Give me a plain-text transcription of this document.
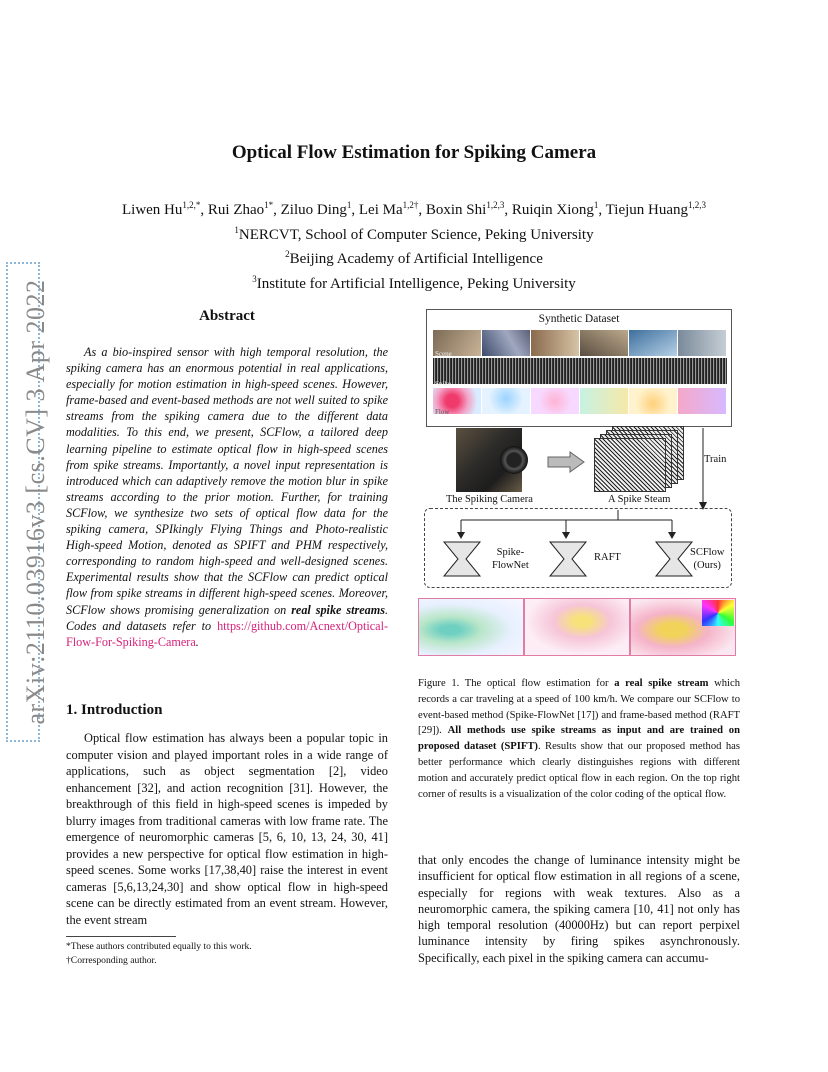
arXiv:2110.03916v3 [cs.CV] 3 Apr 2022
Optical Flow Estimation for Spiking Camera
Liwen $Hu^{1,2,*}$, Rui Zhao$^{1*}$, Ziluo Ding$^1$, Lei $Ma^{1,2\dagger}$, Boxin Shi$^{1,2,3}$, Ruiqin Xiong$^1$, Tiejun Huang$^{1,2,3}$
$^1$NERCVT, School of Computer Science, Peking University
$^2$Beijing Academy of Artificial Intelligence
$^3$Institute for Artificial Intelligence, Peking University
Abstract
As a bio-inspired sensor with high temporal resolution, the spiking camera has an enormous potential in real applications, especially for motion estimation in high-speed scenes. However, frame-based and event-based methods are not well suited to spike streams from the spiking camera due to the different data modalities. To this end, we present, SCFlow, a tailored deep learning pipeline to estimate optical flow in high-speed scenes from spike streams. Importantly, a novel input representation is introduced which can adaptively remove the motion blur in spike streams according to the prior motion. Further, for training SCFlow, we synthesize two sets of optical flow data for the spiking camera, SPIkingly Flying Things and Photo-realistic High-speed Motion, denoted as SPIFT and PHM respectively, corresponding to random high-speed and well-designed scenes. Experimental results show that the SCFlow can predict optical flow from spike streams in different high-speed scenes. Moreover, SCFlow shows promising generalization on real spike streams. Codes and datasets refer to https://github.com/Acnext/Optical-Flow-For-Spiking-Camera.
1. Introduction
Optical flow estimation has always been a popular topic in computer vision and played important roles in a wide range of applications, such as object segmentation [2], video enhancement [32], and action recognition [31]. However, the breakthrough of this field in high-speed scenes is impeded by blurry images from traditional cameras with low frame rate. The emergence of neuromorphic cameras [5, 6, 10, 13, 24, 30, 41] provides a new perspective for optical flow estimation in high-speed scenes. Some works [17,38,40] raise the interest in event cameras [5,6,13,24,30] and show optical flow in high-speed scene can be directly estimated from an event stream. However, the event stream
*These authors contributed equally to this work.
†Corresponding author.
Synthetic Dataset
Scene
Spike
Flow
The Spiking Camera	A Spike Steam
Train
Spike-
FlowNet
RAFT	SCFlow
(Ours)
Figure 1. The optical flow estimation for a real spike stream which records a car traveling at a speed of 100 km/h. We compare our SCFlow to event-based method (Spike-FlowNet [17]) and frame-based method (RAFT [29]). All methods use spike streams as input and are trained on proposed dataset (SPIFT). Results show that our proposed method has better performance which clearly distinguishes regions with different motion and accurately predict optical flow in each region. On the top right corner of results is a visualization of the color coding of the optical flow.
that only encodes the change of luminance intensity might be insufficient for optical flow estimation in all regions of a scene, especially for regions with weak textures. Also as a neuromorphic camera, the spiking camera [10, 41] not only has high temporal resolution (40000Hz) but can report perpixel luminance intensity by firing spikes asynchronously. Specifically, each pixel in the spiking camera can accumu-
